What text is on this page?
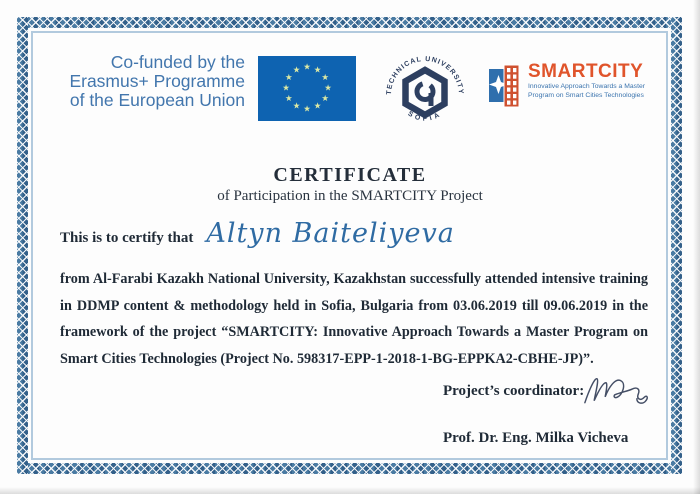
Co-funded by the
Erasmus+ Programme
of the European Union
★ ★
★
★
★
★
★
★
★
★
★
★
TECHNICAL UNIVERSITY
SOFIA
SMARTCITY
Innovative Approach Towards a Master
Program on Smart Cities Technologies
CERTIFICATE
of Participation in the SMARTCITY Project
This is to certify that Altyn Baiteliyeva

from Al-Farabi Kazakh National University, Kazakhstan successfully attended intensive training in DDMP content & methodology held in Sofia, Bulgaria from 03.06.2019 till 09.06.2019 in the framework of the project “SMARTCITY: Innovative Approach Towards a Master Program on Smart Cities Technologies (Project No. 598317-EPP-1-2018-1-BG-EPPKA2-CBHE-JP)”.

Project’s coordinator:
Prof. Dr. Eng. Milka Vicheva
